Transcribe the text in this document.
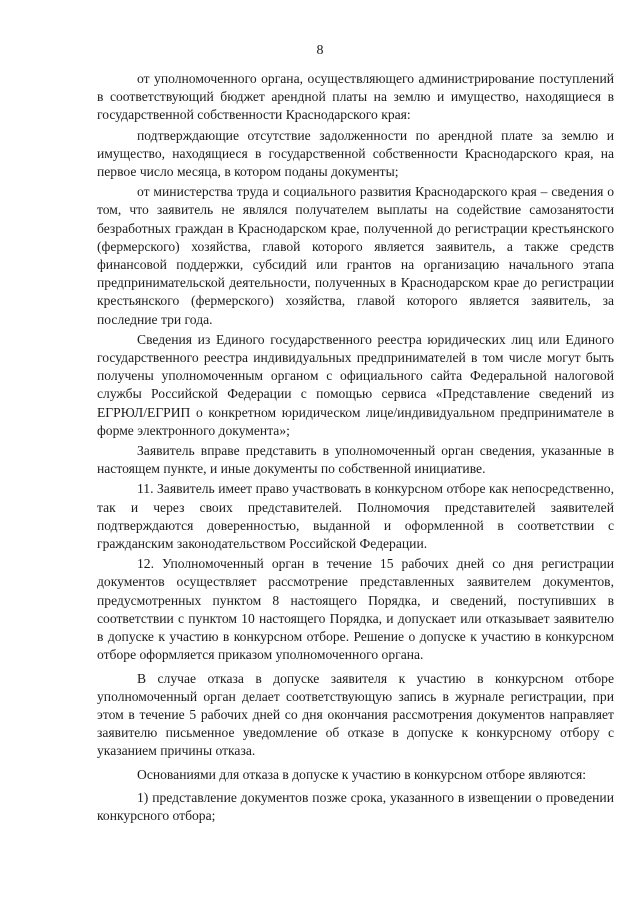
8

от уполномоченного органа, осуществляющего администрирование поступлений в соответствующий бюджет арендной платы на землю и имущество, находящиеся в государственной собственности Краснодарского края:

подтверждающие отсутствие задолженности по арендной плате за землю и имущество, находящиеся в государственной собственности Краснодарского края, на первое число месяца, в котором поданы документы;

от министерства труда и социального развития Краснодарского края – сведения о том, что заявитель не являлся получателем выплаты на содействие самозанятости безработных граждан в Краснодарском крае, полученной до регистрации крестьянского (фермерского) хозяйства, главой которого является заявитель, а также средств финансовой поддержки, субсидий или грантов на организацию начального этапа предпринимательской деятельности, полученных в Краснодарском крае до регистрации крестьянского (фермерского) хозяйства, главой которого является заявитель, за последние три года.

Сведения из Единого государственного реестра юридических лиц или Единого государственного реестра индивидуальных предпринимателей в том числе могут быть получены уполномоченным органом с официального сайта Федеральной налоговой службы Российской Федерации с помощью сервиса «Представление сведений из ЕГРЮЛ/ЕГРИП о конкретном юридическом лице/индивидуальном предпринимателе в форме электронного документа»;

Заявитель вправе представить в уполномоченный орган сведения, указанные в настоящем пункте, и иные документы по собственной инициативе.

11. Заявитель имеет право участвовать в конкурсном отборе как непосредственно, так и через своих представителей. Полномочия представителей заявителей подтверждаются доверенностью, выданной и оформленной в соответствии с гражданским законодательством Российской Федерации.

12. Уполномоченный орган в течение 15 рабочих дней со дня регистрации документов осуществляет рассмотрение представленных заявителем документов, предусмотренных пунктом 8 настоящего Порядка, и сведений, поступивших в соответствии с пунктом 10 настоящего Порядка, и допускает или отказывает заявителю в допуске к участию в конкурсном отборе. Решение о допуске к участию в конкурсном отборе оформляется приказом уполномоченного органа.

В случае отказа в допуске заявителя к участию в конкурсном отборе уполномоченный орган делает соответствующую запись в журнале регистрации, при этом в течение 5 рабочих дней со дня окончания рассмотрения документов направляет заявителю письменное уведомление об отказе в допуске к конкурсному отбору с указанием причины отказа.

Основаниями для отказа в допуске к участию в конкурсном отборе являются:

1) представление документов позже срока, указанного в извещении о проведении конкурсного отбора;
